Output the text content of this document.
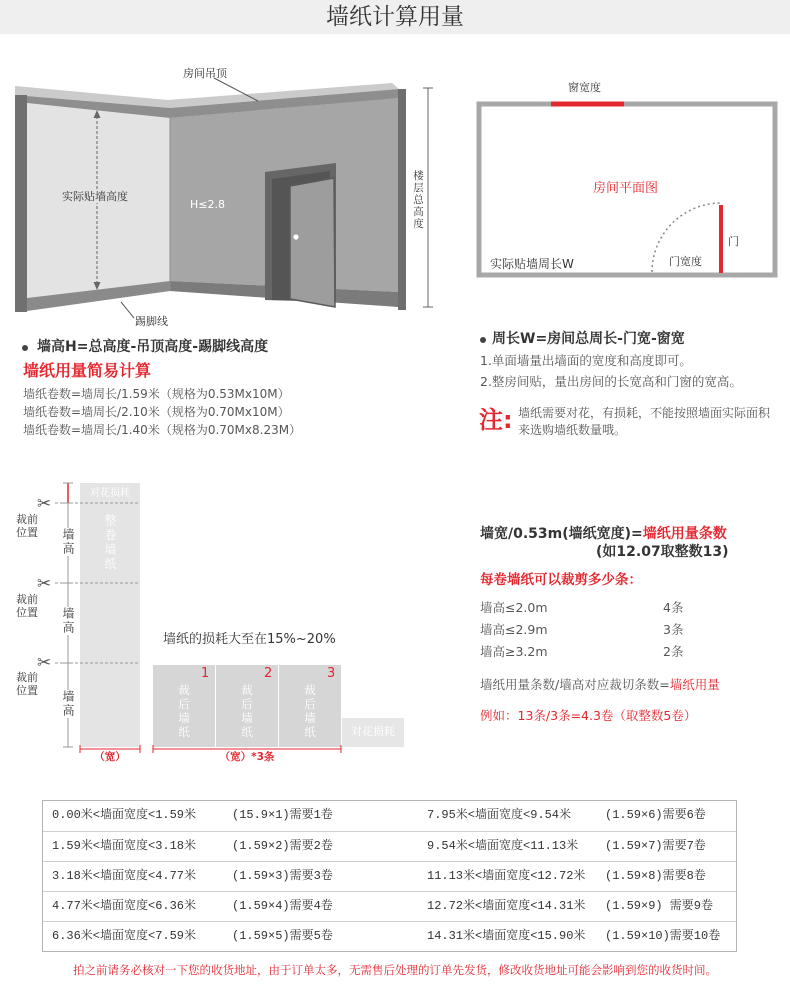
墙纸计算用量
房间吊顶
实际贴墙高度
H≤2.8	楼层总高度
踢脚线
墙高H=总高度-吊顶高度-踢脚线高度
墙纸用量简易计算
墙纸卷数=墙周长/1.59米（规格为0.53Mx10M）
墙纸卷数=墙周长/2.10米（规格为0.70Mx10M）
墙纸卷数=墙周长/1.40米（规格为0.70Mx8.23M）
窗宽度
房间平面图
门
门宽度
实际贴墙周长W
周长W=房间总周长-门宽-窗宽
1.单面墙量出墙面的宽度和高度即可。
2.整房间贴，量出房间的长宽高和门窗的宽高。
注: 墙纸需要对花，有损耗，不能按照墙面实际面积
来选购墙纸数量哦。
✂
✂
✂
裁前
位置
裁前
位置
裁前
位置
墙高
墙高
墙高
对花损耗
整卷墙纸
（宽）
墙纸的损耗大至在15%~20%
1	2	3
裁后墙纸	裁后墙纸	裁后墙纸	对花损耗
（宽）*3条
墙宽/0.53m(墙纸宽度)=墙纸用量条数
(如12.07取整数13)
每卷墙纸可以裁剪多少条：
墙高≤2.0m	4条
墙高≤2.9m	3条
墙高≥3.2m	2条
墙纸用量条数/墙高对应裁切条数=墙纸用量
例如：13条/3条=4.3卷（取整数5卷）
0.00米<墙面宽度<1.59米	(15.9×1)需要1卷	7.95米<墙面宽度<9.54米	(1.59×6)需要6卷
1.59米<墙面宽度<3.18米	(1.59×2)需要2卷	9.54米<墙面宽度<11.13米 (1.59×7)需要7卷
3.18米<墙面宽度<4.77米	(1.59×3)需要3卷	11.13米<墙面宽度<12.72米 (1.59×8)需要8卷
4.77米<墙面宽度<6.36米	(1.59×4)需要4卷	12.72米<墙面宽度<14.31米 (1.59×9) 需要9卷
6.36米<墙面宽度<7.59米	(1.59×5)需要5卷	14.31米<墙面宽度<15.90米 (1.59×10)需要10卷
拍之前请务必核对一下您的收货地址，由于订单太多，无需售后处理的订单先发货，修改收货地址可能会影响到您的收货时间。
